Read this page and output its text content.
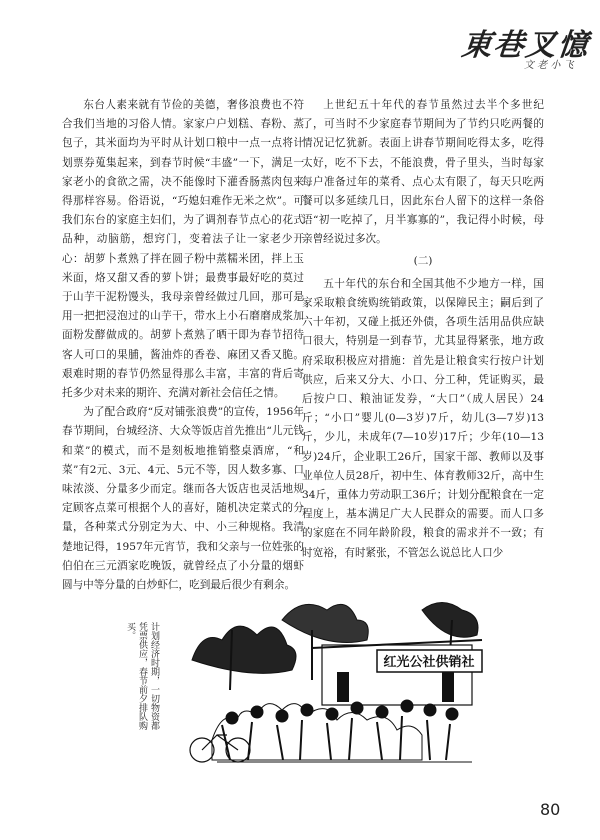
東巷叉憶
文 老 小 飞

东台人素来就有节俭的美德，奢侈浪费也不符合我们当地的习俗人情。家家户户划糕、春粉、蒸包子，其米面均为平时从计划口粮中一点一点将计划票券蒐集起来，到春节时候“丰盛”一下，满足一家老小的食欲之需，决不能像时下灌香肠蒸肉包来得那样容易。俗语说，“巧媳妇难作无米之炊”。可我们东台的家庭主妇们，为了调剂春节点心的花式品种，动脑筋，想窍门，变着法子让一家老少开心：胡萝卜煮熟了拌在圆子粉中蒸糯米团，拌上玉米面，烙又甜又香的萝卜饼；最费事最好吃的莫过于山芋干泥粉馒头，我母亲曾经做过几回，那可是用一把把浸泡过的山芋干，带水上小石磨磨成浆加面粉发酵做成的。胡萝卜煮熟了晒干即为春节招待客人可口的果脯，酱油炸的香卷、麻团又香又脆。艰难时期的春节仍然显得那么丰富，丰富的背后寄托多少对未来的期许、充满对新社会信任之情。

为了配合政府“反对铺张浪费”的宣传，1956年春节期间，台城经济、大众等饭店首先推出“儿元钱和菜”的模式，而不是刻板地推销整桌酒席，“和菜”有2元、3元、4元、5元不等，因人数多寡、口味浓淡、分量多少而定。继而各大饭店也灵活地规定顾客点菜可根据个人的喜好，随机决定菜式的分量，各种菜式分别定为大、中、小三种规格。我清楚地记得，1957年元宵节，我和父亲与一位姓张的伯伯在三元酒家吃晚饭，就曾经点了小分量的烟虾圆与中等分量的白炒虾仁，吃到最后很少有剩余。

上世纪五十年代的春节虽然过去半个多世纪了，可当时不少家庭春节期间为了节约只吃两餐的情况记忆犹新。表面上讲春节期间吃得太多，吃得太好，吃不下去，不能浪费，骨子里头，当时每家每户准备过年的菜肴、点心太有限了，每天只吃两餐可以多延续几日，因此东台人留下的这样一条俗语“初一吃掉了，月半寡寡的”，我记得小时候，母亲曾经说过多次。

(二)

五十年代的东台和全国其他不少地方一样，国家采取粮食统购统销政策，以保障民主；嗣后到了六十年初，又碰上抵还外债，各项生活用品供应缺口很大，特别是一到春节，尤其显得紧张，地方政府采取积极应对措施：首先是让粮食实行按户计划供应，后来又分大、小口、分工种，凭证购买，最后按户口、粮油证发券，“大口”（成人居民）24斤；“小口”婴儿(0—3岁)7斤，幼儿(3—7岁)13斤，少儿，未成年(7—10岁)17斤；少年(10—13岁)24斤，企业职工26斤，国家干部、教师以及事业单位人员28斤，初中生、体育教师32斤，高中生34斤，重体力劳动职工36斤；计划分配粮食在一定程度上，基本满足广大人民群众的需要。而人口多的家庭在不同年龄阶段，粮食的需求并不一致；有时宽裕，有时紧张，不管怎么说总比人口少

计划经济时期，一切物资都凭票供应，春节前夕排队购买。
红光公社供销社
80
